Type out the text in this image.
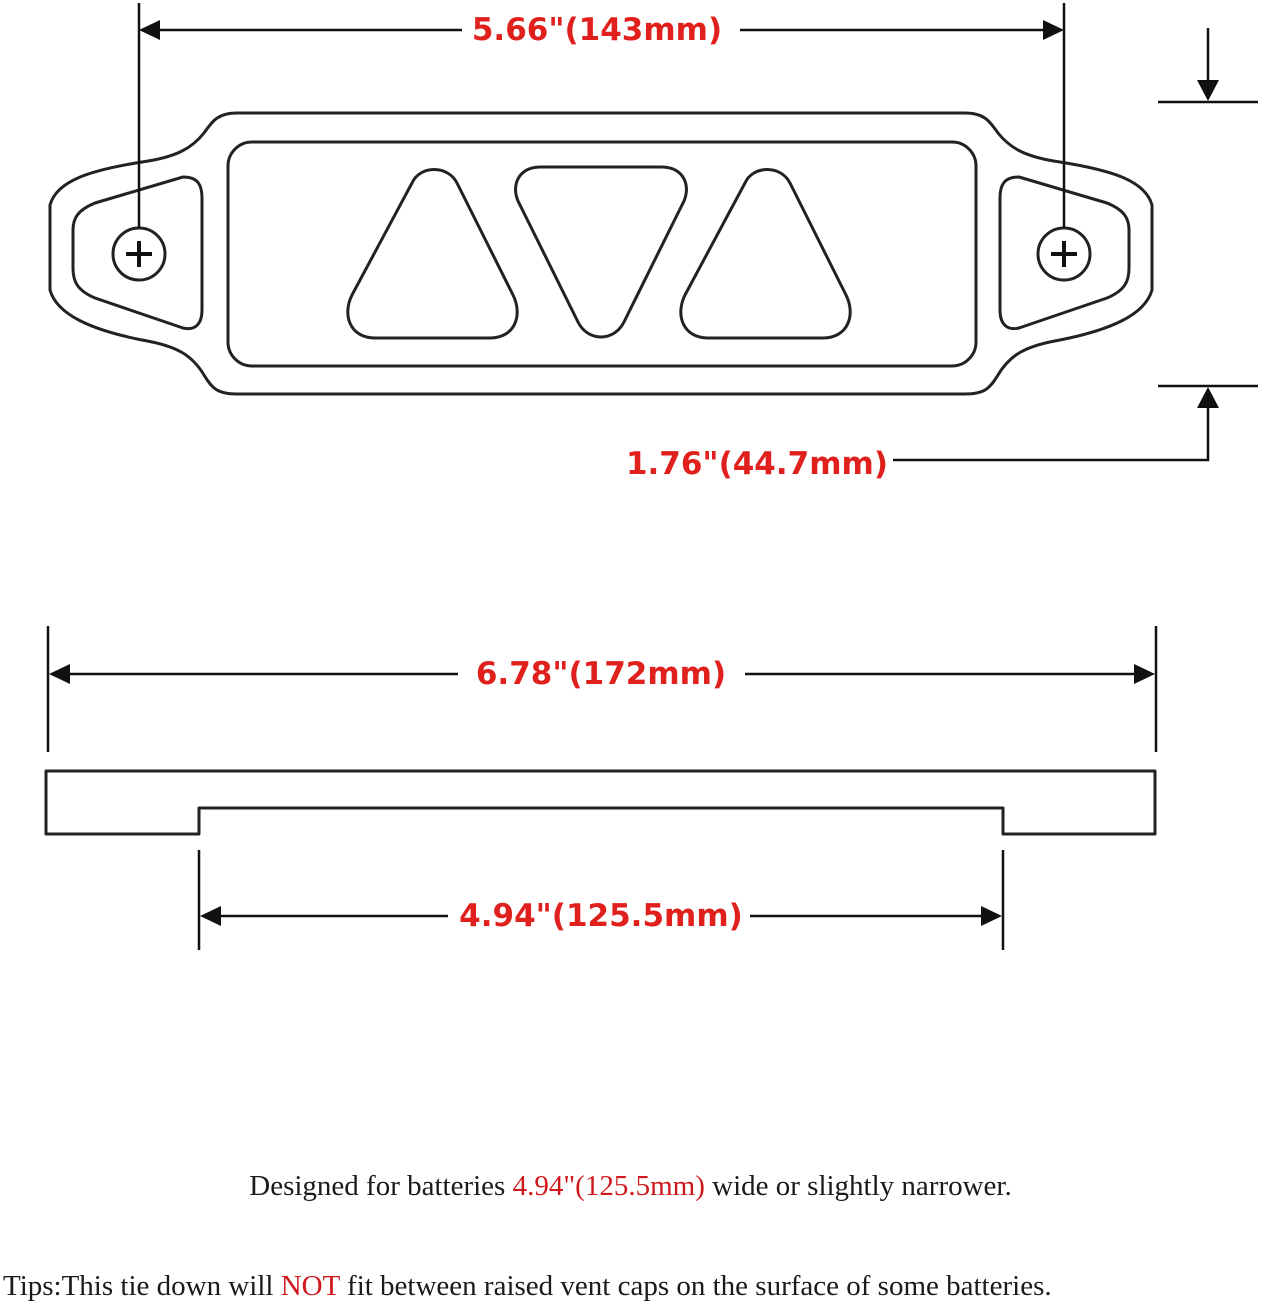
5.66"(143mm)
1.76"(44.7mm)
6.78"(172mm)
4.94"(125.5mm)
Designed for batteries 4.94"(125.5mm) wide or slightly narrower.
Tips:This tie down will NOT fit between raised vent caps on the surface of some batteries.
